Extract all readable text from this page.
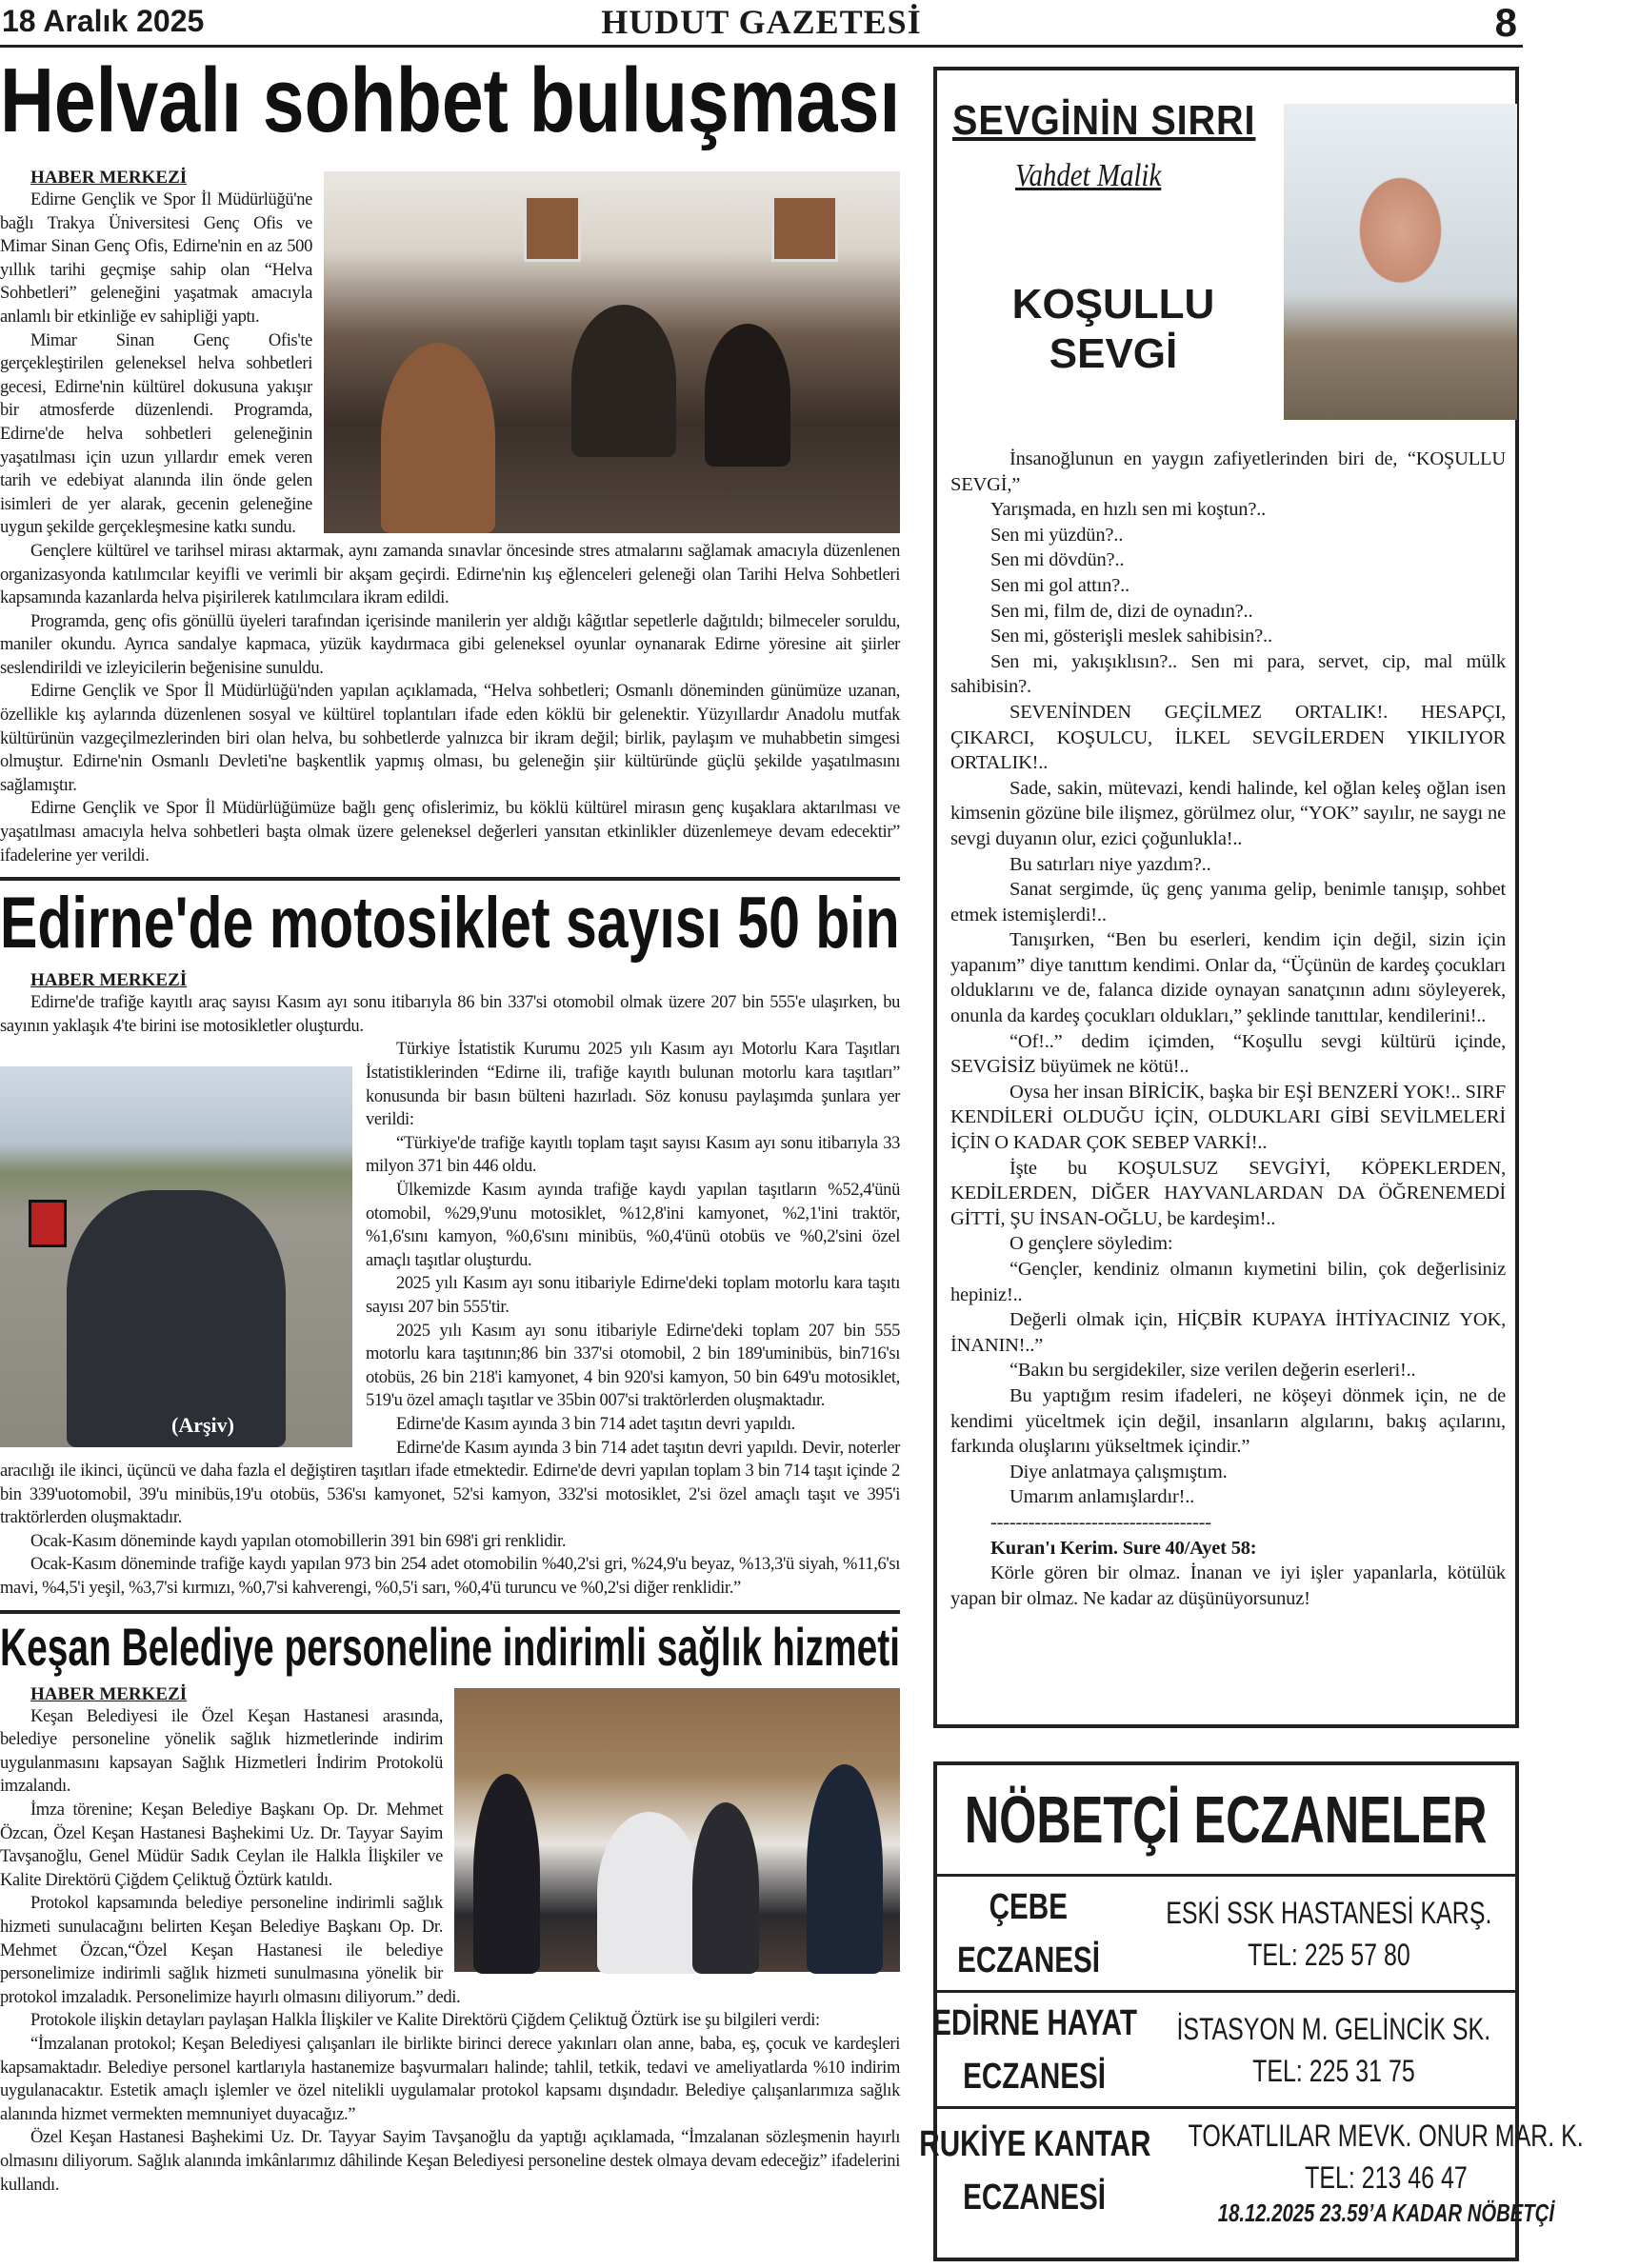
18 Aralık 2025	HUDUT GAZETESİ	8
Helvalı sohbet buluşması
HABER MERKEZİ

Edirne Gençlik ve Spor İl Müdürlüğü'ne bağlı Trakya Üniversitesi Genç Ofis ve Mimar Sinan Genç Ofis, Edirne'nin en az 500 yıllık tarihi geçmişe sahip olan “Helva Sohbetleri” geleneğini yaşatmak amacıyla anlamlı bir etkinliğe ev sahipliği yaptı.

Mimar Sinan Genç Ofis'te gerçekleştirilen geleneksel helva sohbetleri gecesi, Edirne'nin kültürel dokusuna yakışır bir atmosferde düzenlendi. Programda, Edirne'de helva sohbetleri geleneğinin yaşatılması için uzun yıllardır emek veren tarih ve edebiyat alanında ilin önde gelen isimleri de yer alarak, gecenin geleneğine uygun şekilde gerçekleşmesine katkı sundu.

Gençlere kültürel ve tarihsel mirası aktarmak, aynı zamanda sınavlar öncesinde stres atmalarını sağlamak amacıyla düzenlenen organizasyonda katılımcılar keyifli ve verimli bir akşam geçirdi. Edirne'nin kış eğlenceleri geleneği olan Tarihi Helva Sohbetleri kapsamında kazanlarda helva pişirilerek katılımcılara ikram edildi.

Programda, genç ofis gönüllü üyeleri tarafından içerisinde manilerin yer aldığı kâğıtlar sepetlerle dağıtıldı; bilmeceler soruldu, maniler okundu. Ayrıca sandalye kapmaca, yüzük kaydırmaca gibi geleneksel oyunlar oynanarak Edirne yöresine ait şiirler seslendirildi ve izleyicilerin beğenisine sunuldu.

Edirne Gençlik ve Spor İl Müdürlüğü'nden yapılan açıklamada, “Helva sohbetleri; Osmanlı döneminden günümüze uzanan, özellikle kış aylarında düzenlenen sosyal ve kültürel toplantıları ifade eden köklü bir gelenektir. Yüzyıllardır Anadolu mutfak kültürünün vazgeçilmezlerinden biri olan helva, bu sohbetlerde yalnızca bir ikram değil; birlik, paylaşım ve muhabbetin simgesi olmuştur. Edirne'nin Osmanlı Devleti'ne başkentlik yapmış olması, bu geleneğin şiir kültüründe güçlü şekilde yaşatılmasını sağlamıştır.

Edirne Gençlik ve Spor İl Müdürlüğümüze bağlı genç ofislerimiz, bu köklü kültürel mirasın genç kuşaklara aktarılması ve yaşatılması amacıyla helva sohbetleri başta olmak üzere geleneksel değerleri yansıtan etkinlikler düzenlemeye devam edecektir” ifadelerine yer verildi.

Edirne'de motosiklet sayısı 50 bin
HABER MERKEZİ

Edirne'de trafiğe kayıtlı araç sayısı Kasım ayı sonu itibarıyla 86 bin 337'si otomobil olmak üzere 207 bin 555'e ulaşırken, bu sayının yaklaşık 4'te birini ise motosikletler oluşturdu.

(Arşiv)

Türkiye İstatistik Kurumu 2025 yılı Kasım ayı Motorlu Kara Taşıtları İstatistiklerinden “Edirne ili, trafiğe kayıtlı bulunan motorlu kara taşıtları” konusunda bir basın bülteni hazırladı. Söz konusu paylaşımda şunlara yer verildi:

“Türkiye'de trafiğe kayıtlı toplam taşıt sayısı Kasım ayı sonu itibarıyla 33 milyon 371 bin 446 oldu.

Ülkemizde Kasım ayında trafiğe kaydı yapılan taşıtların %52,4'ünü otomobil, %29,9'unu motosiklet, %12,8'ini kamyonet, %2,1'ini traktör, %1,6'sını kamyon, %0,6'sını minibüs, %0,4'ünü otobüs ve %0,2'sini özel amaçlı taşıtlar oluşturdu.

2025 yılı Kasım ayı sonu itibariyle Edirne'deki toplam motorlu kara taşıtı sayısı 207 bin 555'tir.

2025 yılı Kasım ayı sonu itibariyle Edirne'deki toplam 207 bin 555 motorlu kara taşıtının;86 bin 337'si otomobil, 2 bin 189'uminibüs, bin716'sı otobüs, 26 bin 218'i kamyonet, 4 bin 920'si kamyon, 50 bin 649'u motosiklet, 519'u özel amaçlı taşıtlar ve 35bin 007'si traktörlerden oluşmaktadır.

Edirne'de Kasım ayında 3 bin 714 adet taşıtın devri yapıldı.

Edirne'de Kasım ayında 3 bin 714 adet taşıtın devri yapıldı. Devir, noterler aracılığı ile ikinci, üçüncü ve daha fazla el değiştiren taşıtları ifade etmektedir. Edirne'de devri yapılan toplam 3 bin 714 taşıt içinde 2 bin 339'uotomobil, 39'u minibüs,19'u otobüs, 536'sı kamyonet, 52'si kamyon, 332'si motosiklet, 2'si özel amaçlı taşıt ve 395'i traktörlerden oluşmaktadır.

Ocak-Kasım döneminde kaydı yapılan otomobillerin 391 bin 698'i gri renklidir.

Ocak-Kasım döneminde trafiğe kaydı yapılan 973 bin 254 adet otomobilin %40,2'si gri, %24,9'u beyaz, %13,3'ü siyah, %11,6'sı mavi, %4,5'i yeşil, %3,7'si kırmızı, %0,7'si kahverengi, %0,5'i sarı, %0,4'ü turuncu ve %0,2'si diğer renklidir.”

Keşan Belediye personeline indirimli sağlık hizmeti
HABER MERKEZİ

Keşan Belediyesi ile Özel Keşan Hastanesi arasında, belediye personeline yönelik sağlık hizmetlerinde indirim uygulanmasını kapsayan Sağlık Hizmetleri İndirim Protokolü imzalandı.

İmza törenine; Keşan Belediye Başkanı Op. Dr. Mehmet Özcan, Özel Keşan Hastanesi Başhekimi Uz. Dr. Tayyar Sayim Tavşanoğlu, Genel Müdür Sadık Ceylan ile Halkla İlişkiler ve Kalite Direktörü Çiğdem Çeliktuğ Öztürk katıldı.

Protokol kapsamında belediye personeline indirimli sağlık hizmeti sunulacağını belirten Keşan Belediye Başkanı Op. Dr. Mehmet Özcan,“Özel Keşan Hastanesi ile belediye personelimize indirimli sağlık hizmeti sunulmasına yönelik bir protokol imzaladık. Personelimize hayırlı olmasını diliyorum.” dedi.

Protokole ilişkin detayları paylaşan Halkla İlişkiler ve Kalite Direktörü Çiğdem Çeliktuğ Öztürk ise şu bilgileri verdi:

“İmzalanan protokol; Keşan Belediyesi çalışanları ile birlikte birinci derece yakınları olan anne, baba, eş, çocuk ve kardeşleri kapsamaktadır. Belediye personel kartlarıyla hastanemize başvurmaları halinde; tahlil, tetkik, tedavi ve ameliyatlarda %10 indirim uygulanacaktır. Estetik amaçlı işlemler ve özel nitelikli uygulamalar protokol kapsamı dışındadır. Belediye çalışanlarımıza sağlık alanında hizmet vermekten memnuniyet duyacağız.”

Özel Keşan Hastanesi Başhekimi Uz. Dr. Tayyar Sayim Tavşanoğlu da yaptığı açıklamada, “İmzalanan sözleşmenin hayırlı olmasını diliyorum. Sağlık alanında imkânlarımız dâhilinde Keşan Belediyesi personeline destek olmaya devam edeceğiz” ifadelerini kullandı.

SEVGİNİN SIRRI
Vahdet Malik
KOŞULLU
SEVGİ

İnsanoğlunun en yaygın zafiyetlerinden biri de, “KOŞULLU SEVGİ,”

Yarışmada, en hızlı sen mi koştun?..

Sen mi yüzdün?..

Sen mi dövdün?..

Sen mi gol attın?..

Sen mi, film de, dizi de oynadın?..

Sen mi, gösterişli meslek sahibisin?..

Sen mi, yakışıklısın?.. Sen mi para, servet, cip, mal mülk sahibisin?.

SEVENİNDEN GEÇİLMEZ ORTALIK!. HESAPÇI, ÇIKARCI, KOŞULCU, İLKEL SEVGİLERDEN YIKILIYOR ORTALIK!..

Sade, sakin, mütevazi, kendi halinde, kel oğlan keleş oğlan isen kimsenin gözüne bile ilişmez, görülmez olur, “YOK” sayılır, ne saygı ne sevgi duyanın olur, ezici çoğunlukla!..

Bu satırları niye yazdım?..

Sanat sergimde, üç genç yanıma gelip, benimle tanışıp, sohbet etmek istemişlerdi!..

Tanışırken, “Ben bu eserleri, kendim için değil, sizin için yapanım” diye tanıttım kendimi. Onlar da, “Üçünün de kardeş çocukları olduklarını ve de, falanca dizide oynayan sanatçının adını söyleyerek, onunla da kardeş çocukları oldukları,” şeklinde tanıttılar, kendilerini!..

“Of!..” dedim içimden, “Koşullu sevgi kültürü içinde, SEVGİSİZ büyümek ne kötü!..

Oysa her insan BİRİCİK, başka bir EŞİ BENZERİ YOK!.. SIRF KENDİLERİ OLDUĞU İÇİN, OLDUKLARI GİBİ SEVİLMELERİ İÇİN O KADAR ÇOK SEBEP VARKİ!..

İşte bu KOŞULSUZ SEVGİYİ, KÖPEKLERDEN, KEDİLERDEN, DİĞER HAYVANLARDAN DA ÖĞRENEMEDİ GİTTİ, ŞU İNSAN-OĞLU, be kardeşim!..

O gençlere söyledim:

“Gençler, kendiniz olmanın kıymetini bilin, çok değerlisiniz hepiniz!..

Değerli olmak için, HİÇBİR KUPAYA İHTİYACINIZ YOK, İNANIN!..”

“Bakın bu sergidekiler, size verilen değerin eserleri!..

Bu yaptığım resim ifadeleri, ne köşeyi dönmek için, ne de kendimi yüceltmek için değil, insanların algılarını, bakış açılarını, farkında oluşlarını yükseltmek içindir.”

Diye anlatmaya çalışmıştım.

Umarım anlamışlardır!..

-----------------------------------

Kuran'ı Kerim. Sure 40/Ayet 58:

Körle gören bir olmaz. İnanan ve iyi işler yapanlarla, kötülük yapan bir olmaz. Ne kadar az düşünüyorsunuz!

NÖBETÇİ ECZANELER
ÇEBE
ECZANESİ
ESKİ SSK HASTANESİ KARŞ.
TEL: 225 57 80
EDİRNE HAYAT
ECZANESİ
İSTASYON M. GELİNCİK SK.
TEL: 225 31 75
RUKİYE KANTAR
ECZANESİ
TOKATLILAR MEVK. ONUR MAR. K.
TEL: 213 46 47
18.12.2025 23.59’A KADAR NÖBETÇİ
